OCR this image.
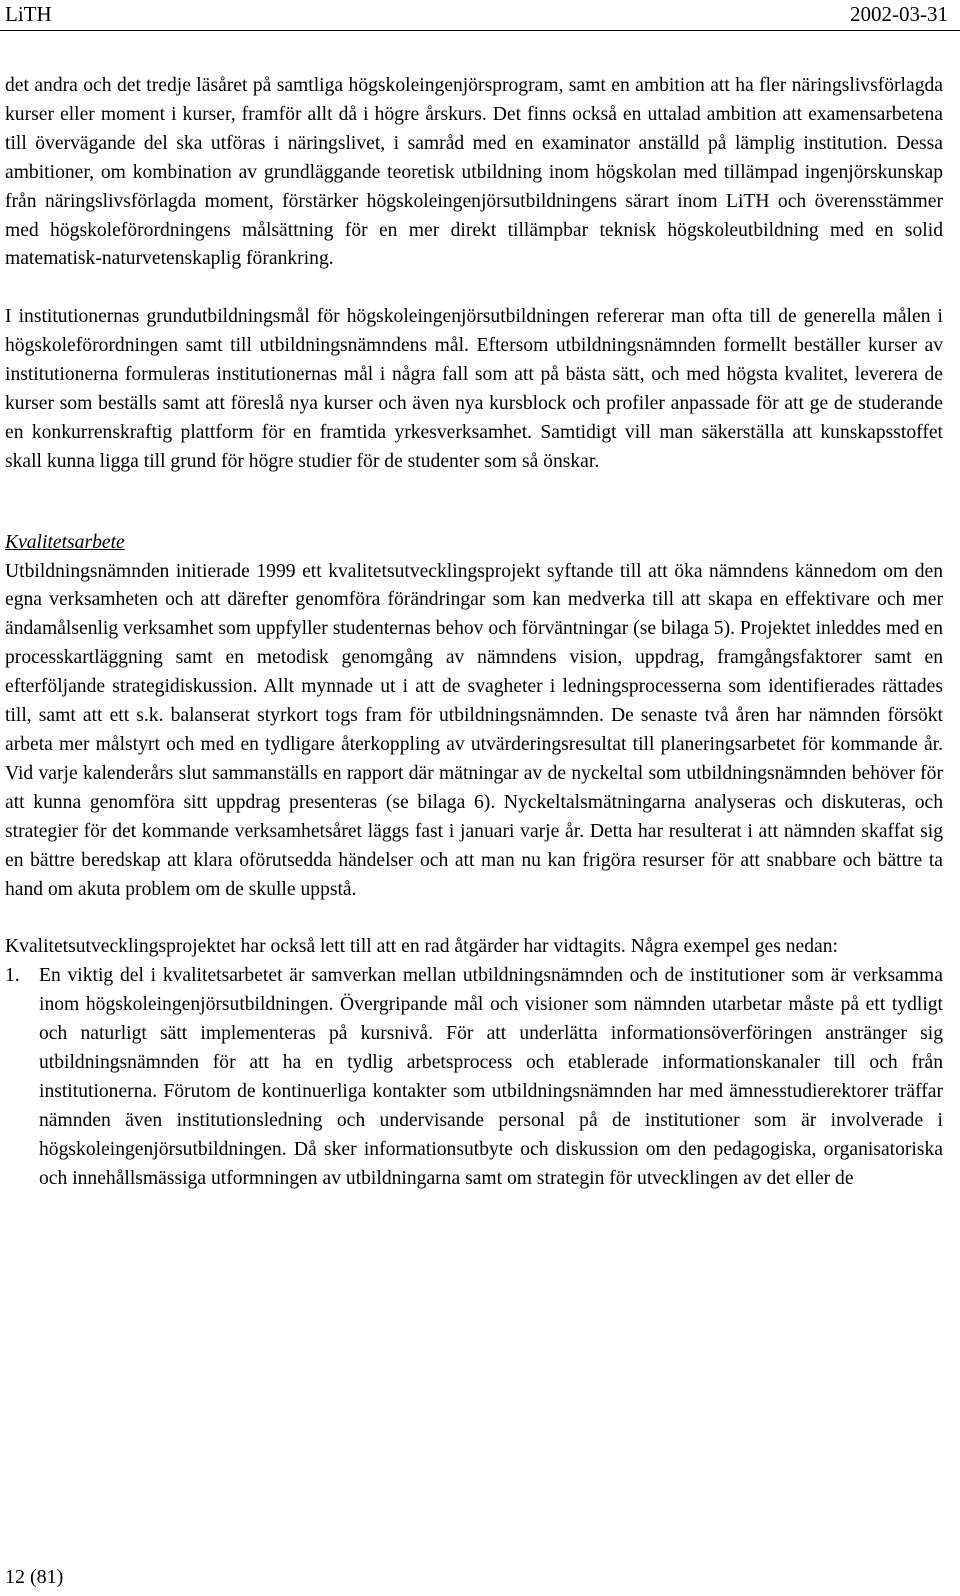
LiTH	2002-03-31

det andra och det tredje läsåret på samtliga högskoleingenjörsprogram, samt en ambition att ha fler näringslivsförlagda kurser eller moment i kurser, framför allt då i högre årskurs. Det finns också en uttalad ambition att examensarbetena till övervägande del ska utföras i näringslivet, i samråd med en examinator anställd på lämplig institution. Dessa ambitioner, om kombination av grundläggande teoretisk utbildning inom högskolan med tillämpad ingenjörskunskap från näringslivsförlagda moment, förstärker högskoleingenjörsutbildningens särart inom LiTH och överensstämmer med högskoleförordningens målsättning för en mer direkt tillämpbar teknisk högskoleutbildning med en solid matematisk-naturvetenskaplig förankring.

I institutionernas grundutbildningsmål för högskoleingenjörsutbildningen refererar man ofta till de generella målen i högskoleförordningen samt till utbildningsnämndens mål. Eftersom utbildningsnämnden formellt beställer kurser av institutionerna formuleras institutionernas mål i några fall som att på bästa sätt, och med högsta kvalitet, leverera de kurser som beställs samt att föreslå nya kurser och även nya kursblock och profiler anpassade för att ge de studerande en konkurrenskraftig plattform för en framtida yrkesverksamhet. Samtidigt vill man säkerställa att kunskapsstoffet skall kunna ligga till grund för högre studier för de studenter som så önskar.

Kvalitetsarbete

Utbildningsnämnden initierade 1999 ett kvalitetsutvecklingsprojekt syftande till att öka nämndens kännedom om den egna verksamheten och att därefter genomföra förändringar som kan medverka till att skapa en effektivare och mer ändamålsenlig verksamhet som uppfyller studenternas behov och förväntningar (se bilaga 5). Projektet inleddes med en processkartläggning samt en metodisk genomgång av nämndens vision, uppdrag, framgångsfaktorer samt en efterföljande strategidiskussion. Allt mynnade ut i att de svagheter i ledningsprocesserna som identifierades rättades till, samt att ett s.k. balanserat styrkort togs fram för utbildningsnämnden. De senaste två åren har nämnden försökt arbeta mer målstyrt och med en tydligare återkoppling av utvärderingsresultat till planeringsarbetet för kommande år. Vid varje kalenderårs slut sammanställs en rapport där mätningar av de nyckeltal som utbildningsnämnden behöver för att kunna genomföra sitt uppdrag presenteras (se bilaga 6). Nyckeltalsmätningarna analyseras och diskuteras, och strategier för det kommande verksamhetsåret läggs fast i januari varje år. Detta har resulterat i att nämnden skaffat sig en bättre beredskap att klara oförutsedda händelser och att man nu kan frigöra resurser för att snabbare och bättre ta hand om akuta problem om de skulle uppstå.

Kvalitetsutvecklingsprojektet har också lett till att en rad åtgärder har vidtagits. Några exempel ges nedan:

1. En viktig del i kvalitetsarbetet är samverkan mellan utbildningsnämnden och de institutioner som är verksamma inom högskoleingenjörsutbildningen. Övergripande mål och visioner som nämnden utarbetar måste på ett tydligt och naturligt sätt implementeras på kursnivå. För att underlätta informationsöverföringen anstränger sig utbildningsnämnden för att ha en tydlig arbetsprocess och etablerade informationskanaler till och från institutionerna. Förutom de kontinuerliga kontakter som utbildningsnämnden har med ämnesstudierektorer träffar nämnden även institutionsledning och undervisande personal på de institutioner som är involverade i högskoleingenjörsutbildningen. Då sker informationsutbyte och diskussion om den pedagogiska, organisatoriska och innehållsmässiga utformningen av utbildningarna samt om strategin för utvecklingen av det eller de
12 (81)
